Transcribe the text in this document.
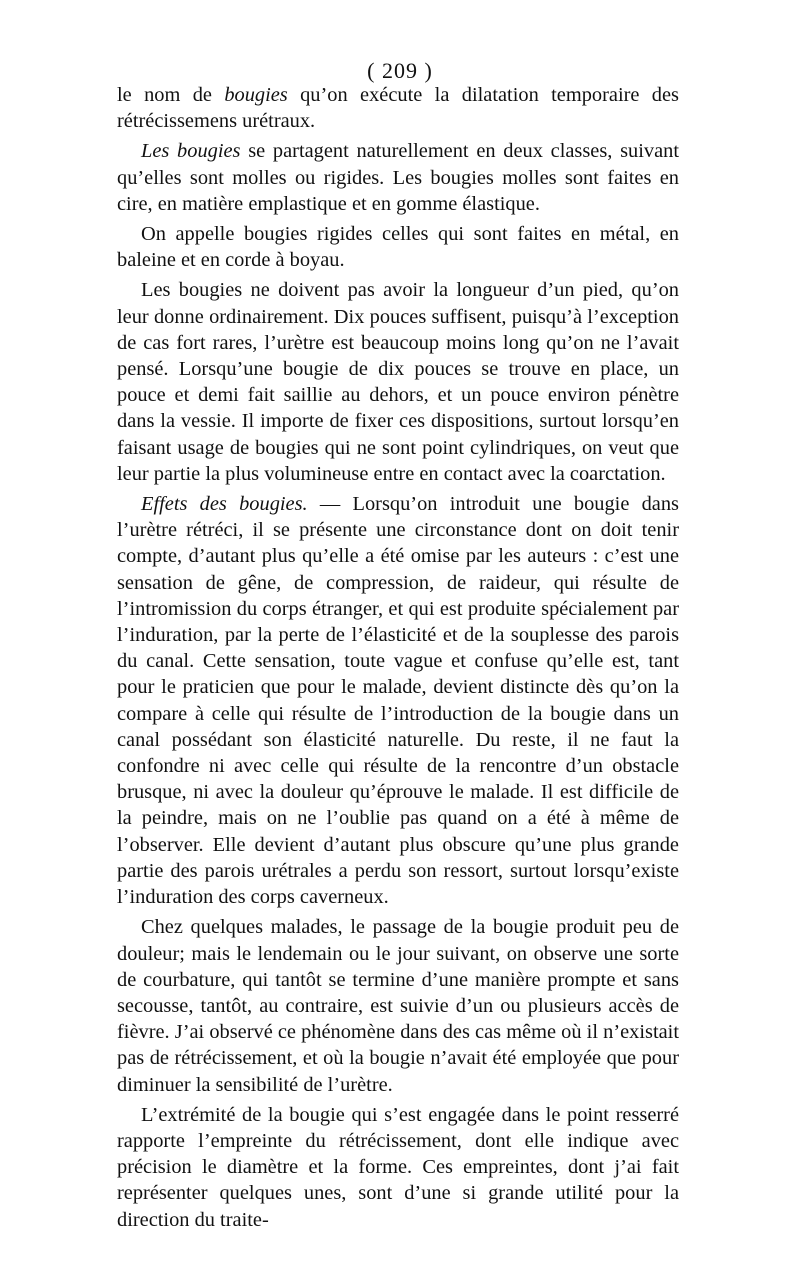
( 209 )

le nom de bougies qu’on exécute la dilatation temporaire des rétrécissemens urétraux.

Les bougies se partagent naturellement en deux classes, suivant qu’elles sont molles ou rigides. Les bougies molles sont faites en cire, en matière emplastique et en gomme élastique.

On appelle bougies rigides celles qui sont faites en métal, en baleine et en corde à boyau.

Les bougies ne doivent pas avoir la longueur d’un pied, qu’on leur donne ordinairement. Dix pouces suffisent, puisqu’à l’exception de cas fort rares, l’urètre est beaucoup moins long qu’on ne l’avait pensé. Lorsqu’une bougie de dix pouces se trouve en place, un pouce et demi fait saillie au dehors, et un pouce environ pénètre dans la vessie. Il importe de fixer ces dispositions, surtout lorsqu’en faisant usage de bougies qui ne sont point cylindriques, on veut que leur partie la plus volumineuse entre en contact avec la coarctation.

Effets des bougies. — Lorsqu’on introduit une bougie dans l’urètre rétréci, il se présente une circonstance dont on doit tenir compte, d’autant plus qu’elle a été omise par les auteurs : c’est une sensation de gêne, de compression, de raideur, qui résulte de l’intromission du corps étranger, et qui est produite spécialement par l’induration, par la perte de l’élasticité et de la souplesse des parois du canal. Cette sensation, toute vague et confuse qu’elle est, tant pour le praticien que pour le malade, devient distincte dès qu’on la compare à celle qui résulte de l’introduction de la bougie dans un canal possédant son élasticité naturelle. Du reste, il ne faut la confondre ni avec celle qui résulte de la rencontre d’un obstacle brusque, ni avec la douleur qu’éprouve le malade. Il est difficile de la peindre, mais on ne l’oublie pas quand on a été à même de l’observer. Elle devient d’autant plus obscure qu’une plus grande partie des parois urétrales a perdu son ressort, surtout lorsqu’existe l’induration des corps caverneux.

Chez quelques malades, le passage de la bougie produit peu de douleur; mais le lendemain ou le jour suivant, on observe une sorte de courbature, qui tantôt se termine d’une manière prompte et sans secousse, tantôt, au contraire, est suivie d’un ou plusieurs accès de fièvre. J’ai observé ce phénomène dans des cas même où il n’existait pas de rétrécissement, et où la bougie n’avait été employée que pour diminuer la sensibilité de l’urètre.

L’extrémité de la bougie qui s’est engagée dans le point resserré rapporte l’empreinte du rétrécissement, dont elle indique avec précision le diamètre et la forme. Ces empreintes, dont j’ai fait représenter quelques unes, sont d’une si grande utilité pour la direction du traite-
